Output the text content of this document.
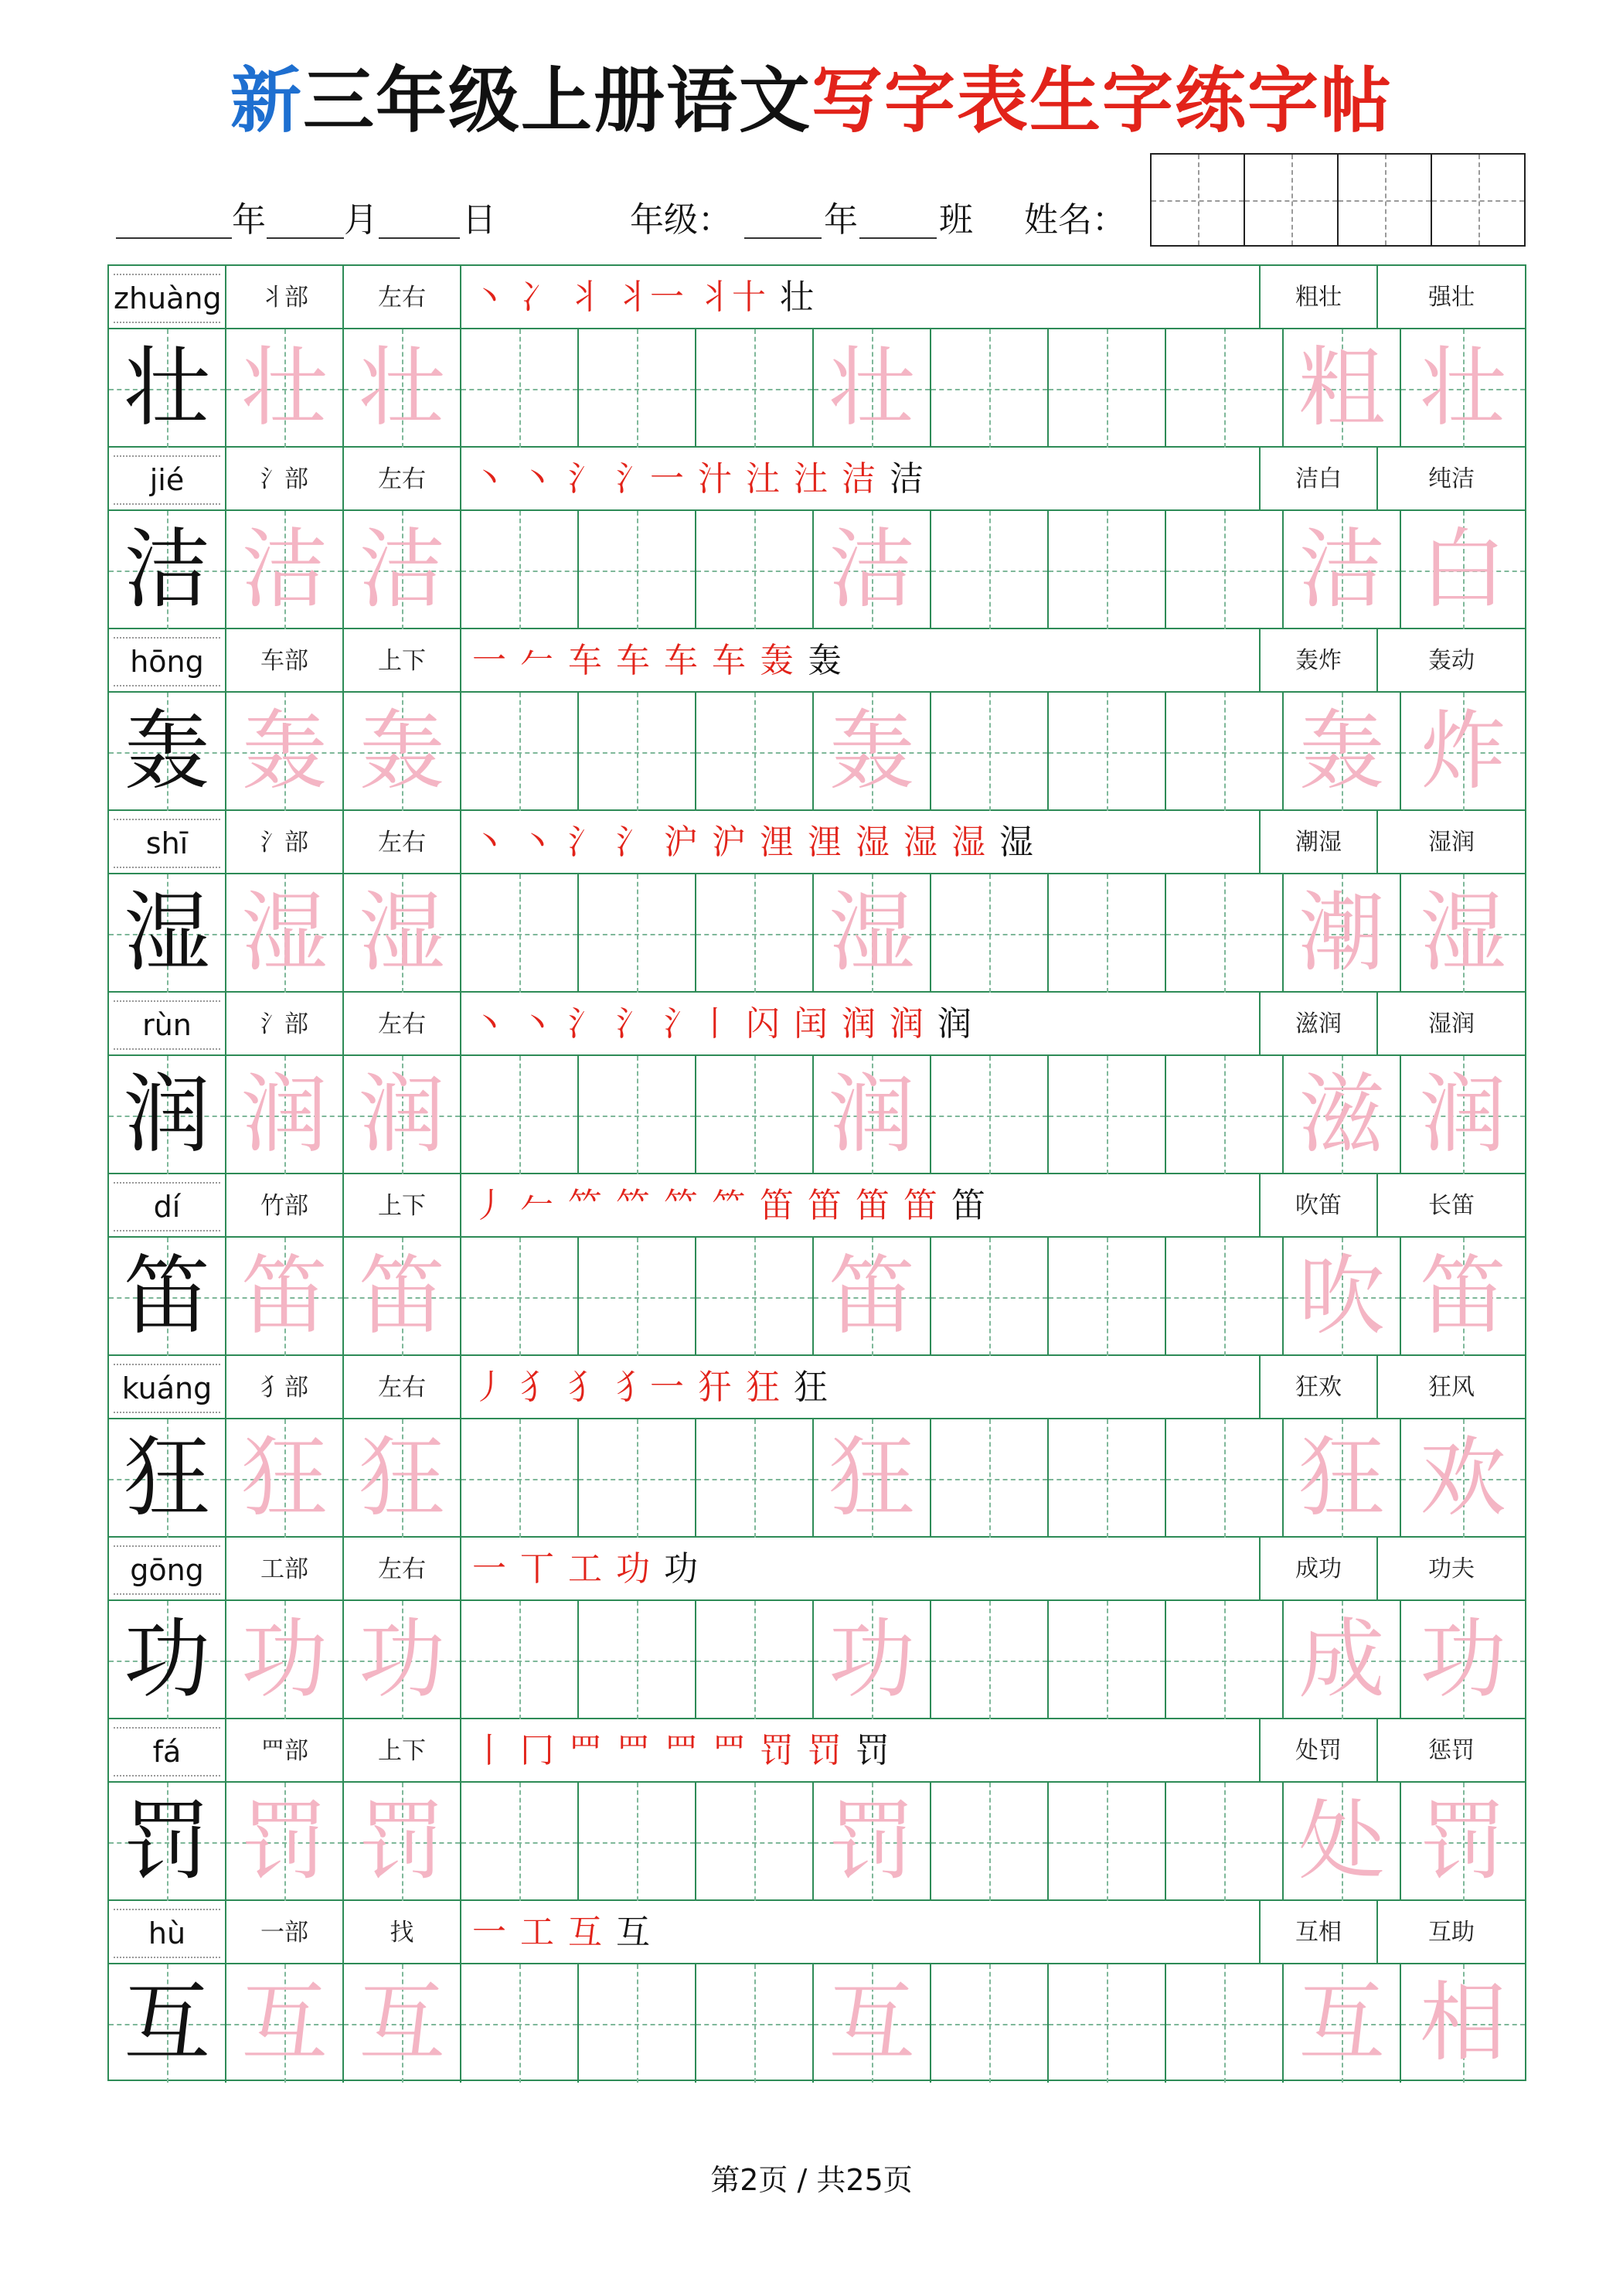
新三年级上册语文写字表生字练字帖
年 月 日	年级：	年 班 姓名：
zhuàng	丬部	左右	丶 冫 丬 丬一 丬十 壮	粗壮	强壮
壮 壮 壮	壮	粗 壮
jié	氵部	左右	丶 丶 氵 氵一 汁 汢 汢 洁 洁	洁白	纯洁
洁 洁 洁	洁	洁 白
hōng	车部	上下	一 𠂉 车 车 车 车 轰 轰	轰炸	轰动
轰 轰 轰	轰	轰 炸
shī	氵部	左右	丶 丶 氵 氵 沪 沪 浬 浬 湿 湿 湿 湿	潮湿	湿润
湿 湿 湿	湿	潮 湿
rùn	氵部	左右	丶 丶 氵 氵 氵丨 闪 闰 润 润 润	滋润	湿润
润 润 润	润	滋 润
dí	竹部	上下	丿 𠂉 𥫗 𥫗 𥫗 ⺮ 笛 笛 笛 笛 笛	吹笛	长笛
笛 笛 笛	笛	吹 笛
kuáng	犭部	左右	丿 犭 犭 犭一 犴 狂 狂	狂欢	狂风
狂 狂 狂	狂	狂 欢
gōng	工部	左右	一 丅 工 功 功	成功	功夫
功 功 功	功	成 功
fá	罒部	上下	丨 冂 罒 罒 罒 罒 罚 罚 罚	处罚	惩罚
罚 罚 罚	罚	处 罚
hù	一部	找	一 工 互 互	互相	互助
互 互 互	互	互 相
第2页 / 共25页
